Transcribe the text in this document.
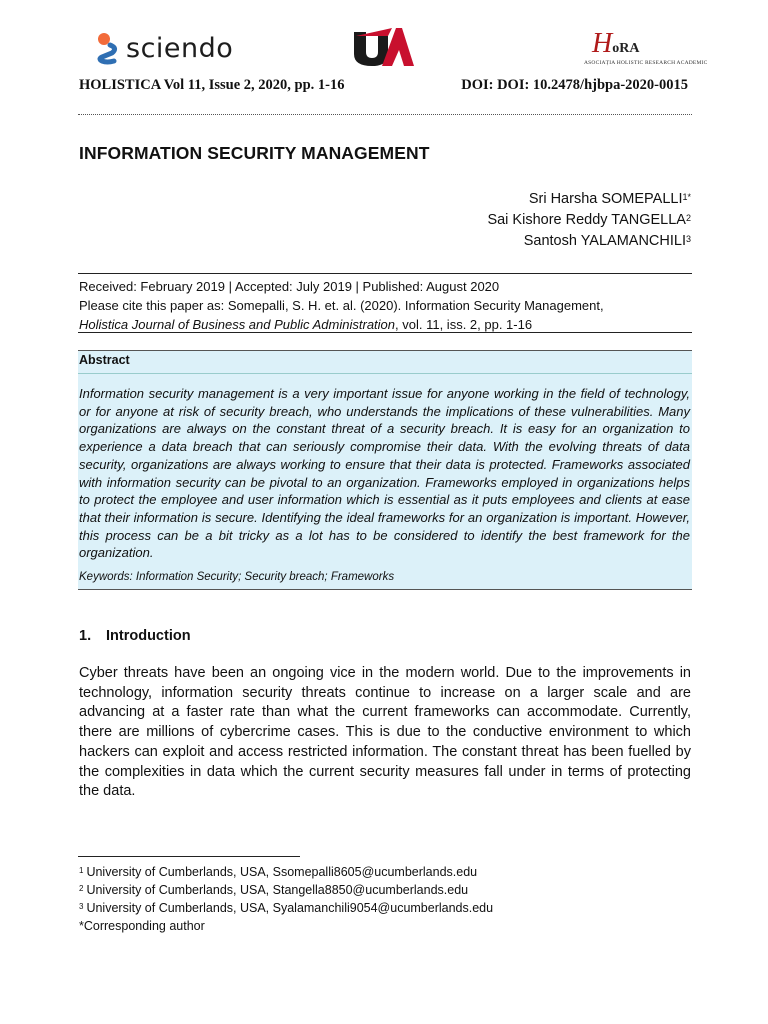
sciendo	HoRA
ASOCIAȚIA HOLISTIC RESEARCH ACADEMIC
HOLISTICA Vol 11, Issue 2, 2020, pp. 1-16	DOI: DOI: 10.2478/hjbpa-2020-0015
INFORMATION SECURITY MANAGEMENT
Sri Harsha $SOMEPALLI^{1*}$
Sai Kishore Reddy TANGELLA$^2$
Santosh YALAMANCHILI$^3$
Received: February 2019 | Accepted: July 2019 | Published: August 2020
Please cite this paper as: Somepalli, S. H. et. al. (2020). Information Security Management,
Holistica Journal of Business and Public Administration, vol. 11, iss. 2, pp. 1-16
Abstract
Information security management is a very important issue for anyone working in the field of technology, or for anyone at risk of security breach, who understands the implications of these vulnerabilities. Many organizations are always on the constant threat of a security breach. It is easy for an organization to experience a data breach that can seriously compromise their data. With the evolving threats of data security, organizations are always working to ensure that their data is protected. Frameworks associated with information security can be pivotal to an organization. Frameworks employed in organizations helps to protect the employee and user information which is essential as it puts employees and clients at ease that their information is secure. Identifying the ideal frameworks for an organization is important. However, this process can be a bit tricky as a lot has to be considered to identify the best framework for the organization.
Keywords: Information Security; Security breach; Frameworks
1. Introduction
Cyber threats have been an ongoing vice in the modern world. Due to the improvements in technology, information security threats continue to increase on a larger scale and are advancing at a faster rate than what the current frameworks can accommodate. Currently, there are millions of cybercrime cases. This is due to the conductive environment to which hackers can exploit and access restricted information. The constant threat has been fuelled by the complexities in data which the current security measures fall under in terms of protecting the data.
$^1$ University of Cumberlands, USA, Ssomepalli8605@ucumberlands.edu
$^2$ University of Cumberlands, USA, Stangella8850@ucumberlands.edu
$^3$ University of Cumberlands, USA, Syalamanchili9054@ucumberlands.edu
*Corresponding author
